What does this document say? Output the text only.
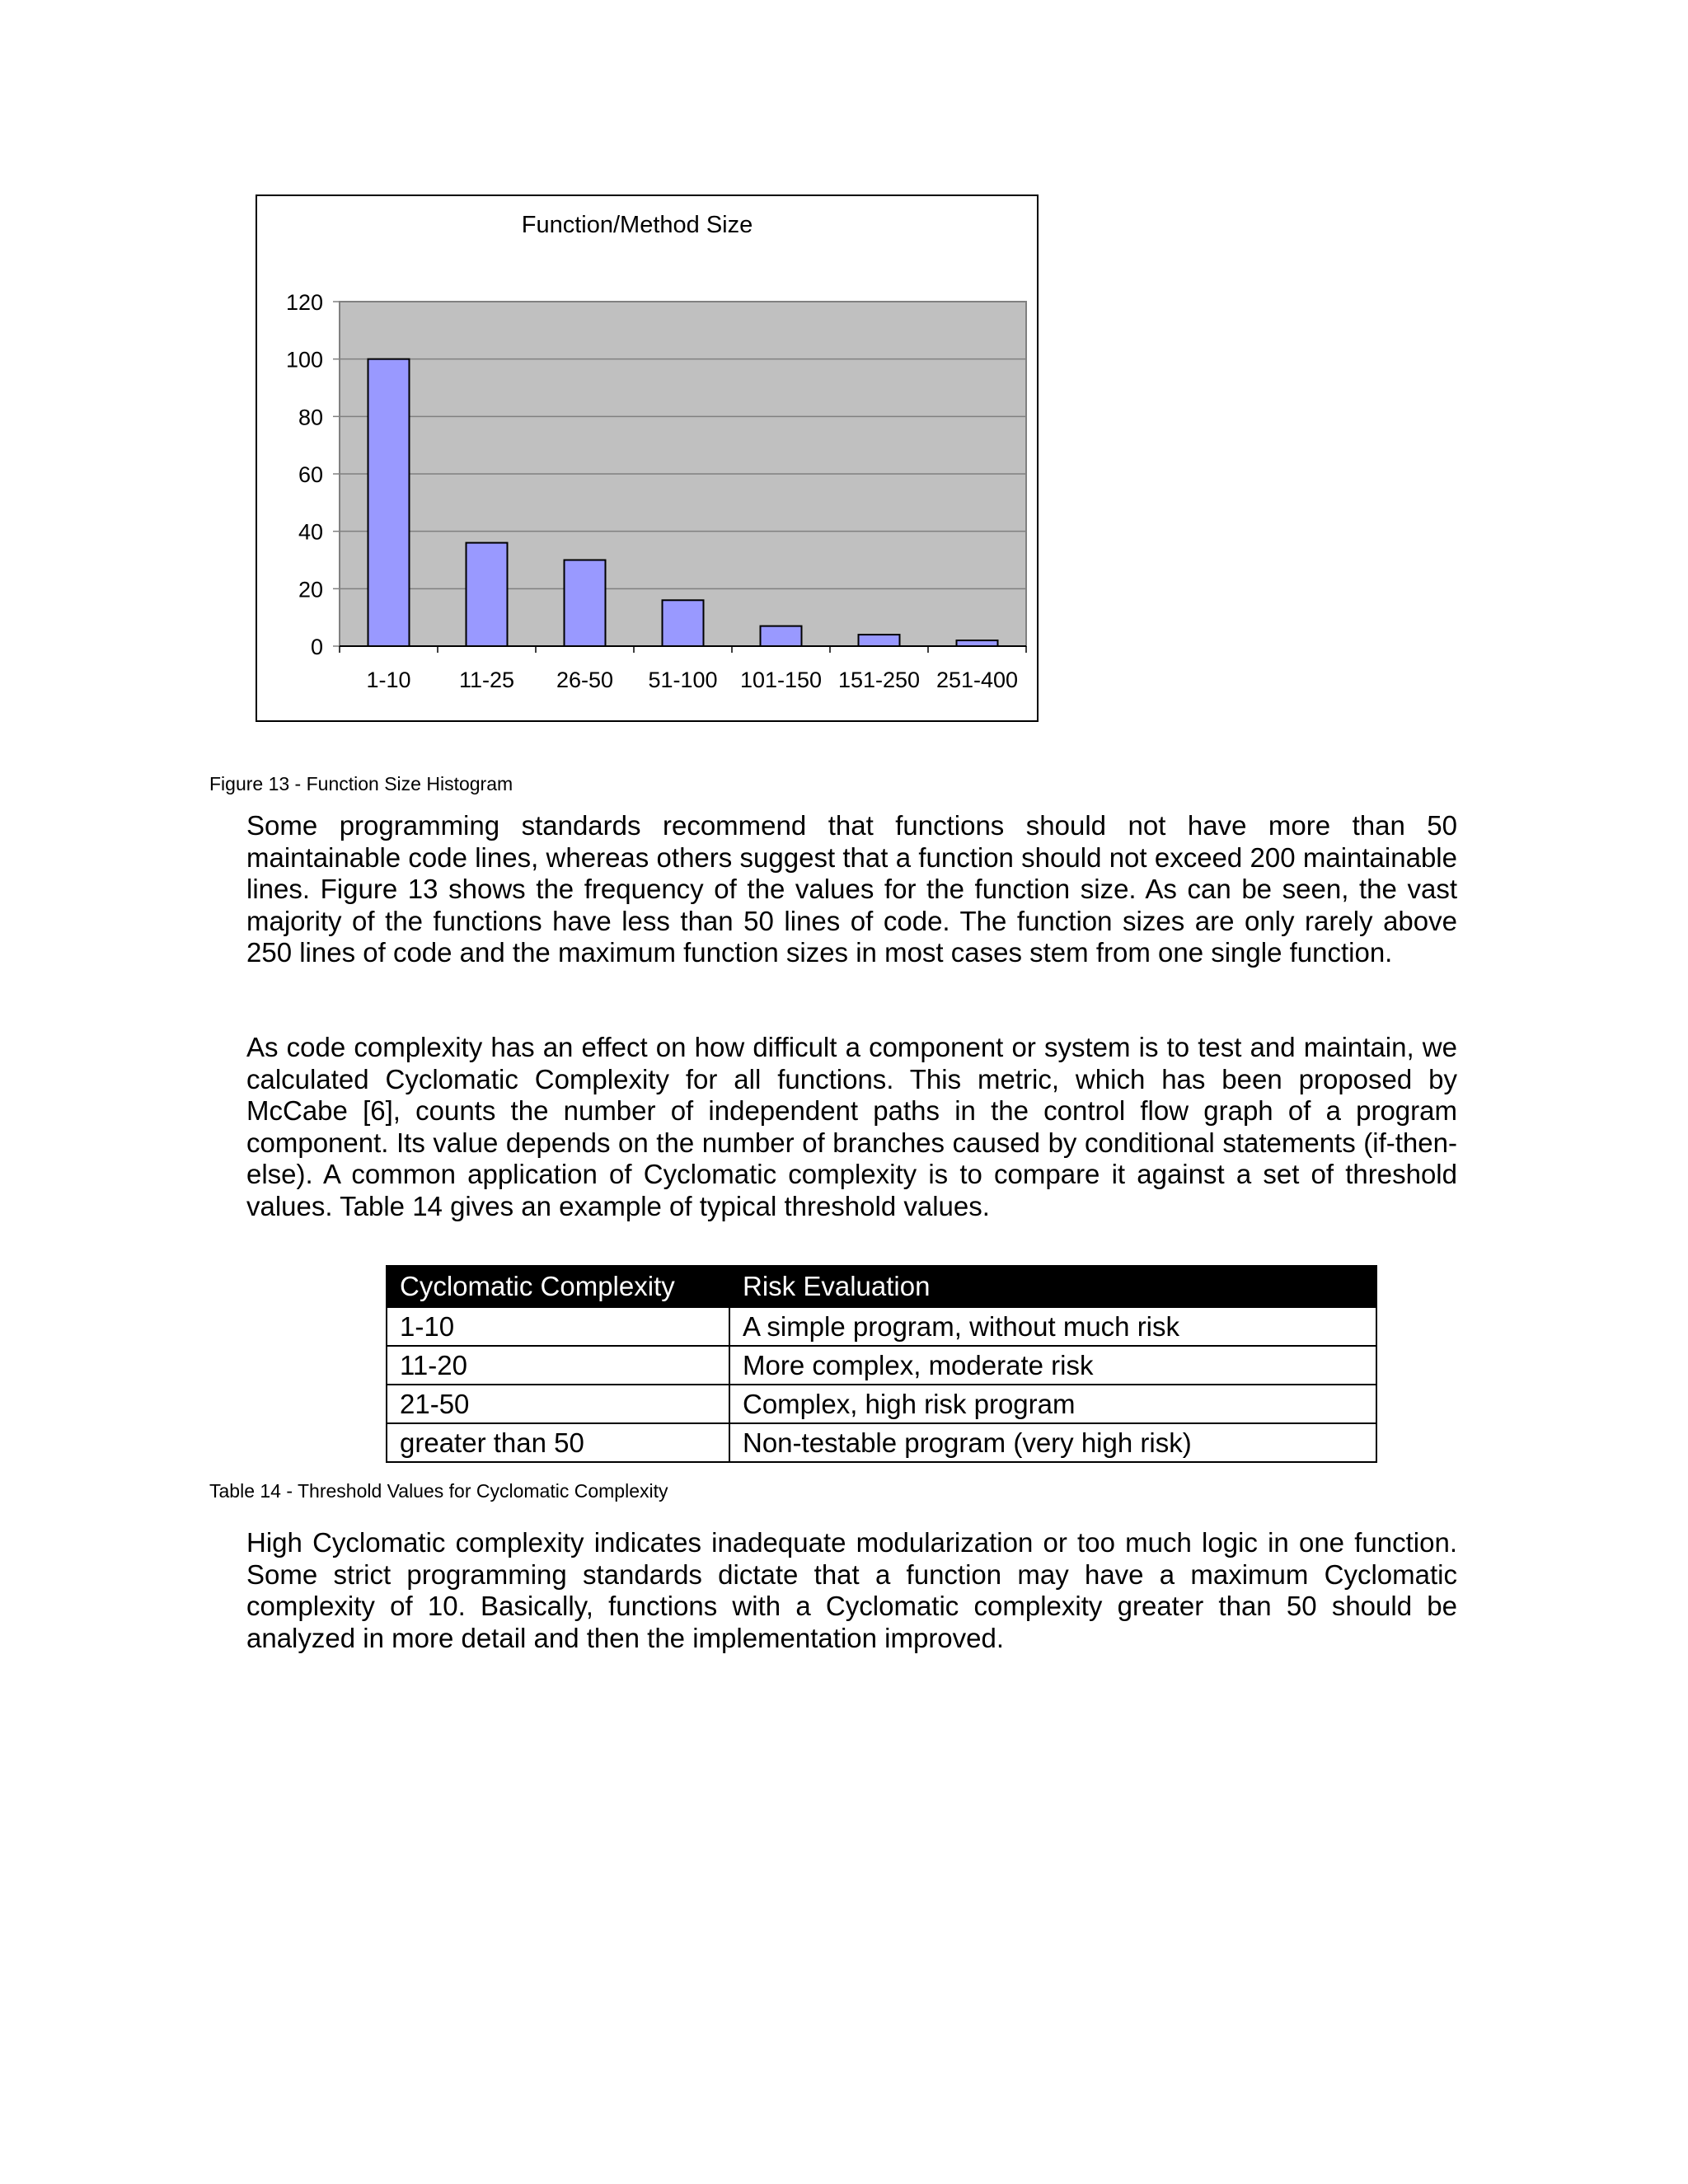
Function/Method Size
0
20
40
60
80
100
120
1-10 11-25 26-50 51-100 101-150 151-250 251-400
Figure 13 - Function Size Histogram

Some programming standards recommend that functions should not have more than 50 maintainable code lines, whereas others suggest that a function should not exceed 200 maintainable lines. Figure 13 shows the frequency of the values for the function size. As can be seen, the vast majority of the functions have less than 50 lines of code. The function sizes are only rarely above 250 lines of code and the maximum function sizes in most cases stem from one single function.

As code complexity has an effect on how difficult a component or system is to test and maintain, we calculated Cyclomatic Complexity for all functions. This metric, which has been proposed by McCabe [6], counts the number of independent paths in the control flow graph of a program component. Its value depends on the number of branches caused by conditional statements (if-then-else). A common application of Cyclomatic complexity is to compare it against a set of threshold values. Table 14 gives an example of typical threshold values.

Cyclomatic Complexity	Risk Evaluation
1-10	A simple program, without much risk
11-20	More complex, moderate risk
21-50	Complex, high risk program
greater than 50	Non-testable program (very high risk)
Table 14 - Threshold Values for Cyclomatic Complexity

High Cyclomatic complexity indicates inadequate modularization or too much logic in one function. Some strict programming standards dictate that a function may have a maximum Cyclomatic complexity of 10. Basically, functions with a Cyclomatic complexity greater than 50 should be analyzed in more detail and then the implementation improved.
